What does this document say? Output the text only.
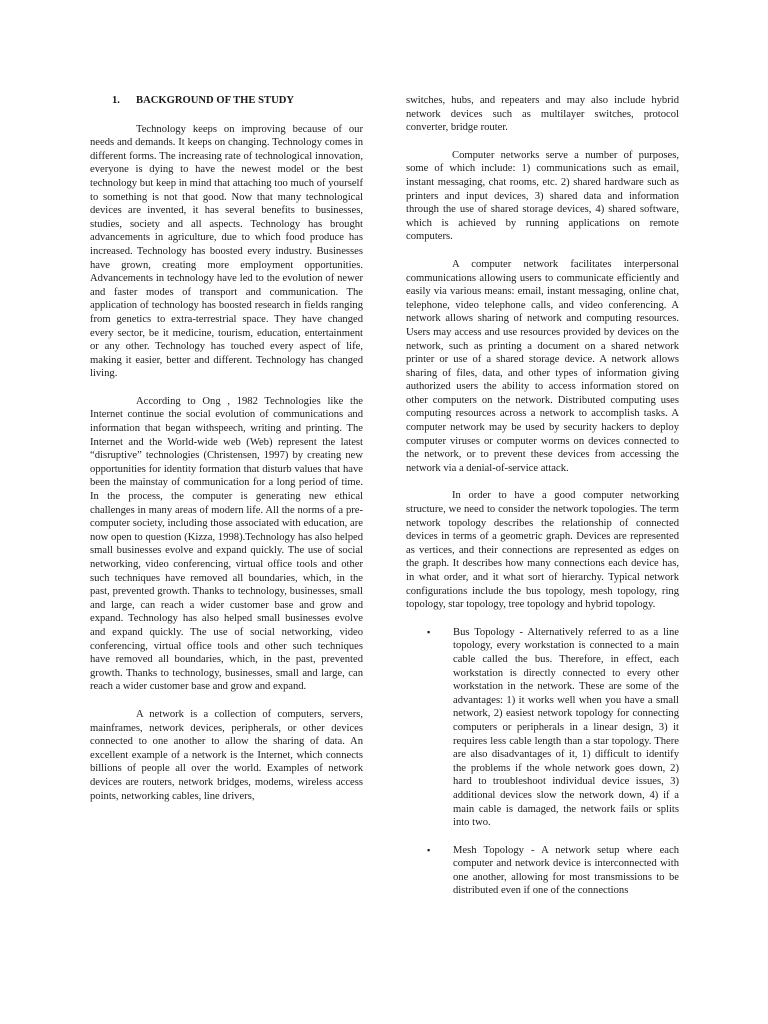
1. BACKGROUND OF THE STUDY

Technology keeps on improving because of our needs and demands. It keeps on changing. Technology comes in different forms. The increasing rate of technological innovation, everyone is dying to have the newest model or the best technology but keep in mind that attaching too much of yourself to something is not that good. Now that many technological devices are invented, it has several benefits to businesses, studies, society and all aspects. Technology has brought advancements in agriculture, due to which food produce has increased. Technology has boosted every industry. Businesses have grown, creating more employment opportunities. Advancements in technology have led to the evolution of newer and faster modes of transport and communication. The application of technology has boosted research in fields ranging from genetics to extra-terrestrial space. They have changed every sector, be it medicine, tourism, education, entertainment or any other. Technology has touched every aspect of life, making it easier, better and different. Technology has changed living.

According to Ong , 1982 Technologies like the Internet continue the social evolution of communications and information that began withspeech, writing and printing. The Internet and the World-wide web (Web) represent the latest “disruptive” technologies (Christensen, 1997) by creating new opportunities for identity formation that disturb values that have been the mainstay of communication for a long period of time. In the process, the computer is generating new ethical challenges in many areas of modern life. All the norms of a pre-computer society, including those associated with education, are now open to question (Kizza, 1998).Technology has also helped small businesses evolve and expand quickly. The use of social networking, video conferencing, virtual office tools and other such techniques have removed all boundaries, which, in the past, prevented growth. Thanks to technology, businesses, small and large, can reach a wider customer base and grow and expand. Technology has also helped small businesses evolve and expand quickly. The use of social networking, video conferencing, virtual office tools and other such techniques have removed all boundaries, which, in the past, prevented growth. Thanks to technology, businesses, small and large, can reach a wider customer base and grow and expand.

A network is a collection of computers, servers, mainframes, network devices, peripherals, or other devices connected to one another to allow the sharing of data. An excellent example of a network is the Internet, which connects billions of people all over the world. Examples of network devices are routers, network bridges, modems, wireless access points, networking cables, line drivers,

switches, hubs, and repeaters and may also include hybrid network devices such as multilayer switches, protocol converter, bridge router.

Computer networks serve a number of purposes, some of which include: 1) communications such as email, instant messaging, chat rooms, etc. 2) shared hardware such as printers and input devices, 3) shared data and information through the use of shared storage devices, 4) shared software, which is achieved by running applications on remote computers.

A computer network facilitates interpersonal communications allowing users to communicate efficiently and easily via various means: email, instant messaging, online chat, telephone, video telephone calls, and video conferencing. A network allows sharing of network and computing resources. Users may access and use resources provided by devices on the network, such as printing a document on a shared network printer or use of a shared storage device. A network allows sharing of files, data, and other types of information giving authorized users the ability to access information stored on other computers on the network. Distributed computing uses computing resources across a network to accomplish tasks. A computer network may be used by security hackers to deploy computer viruses or computer worms on devices connected to the network, or to prevent these devices from accessing the network via a denial-of-service attack.

In order to have a good computer networking structure, we need to consider the network topologies. The term network topology describes the relationship of connected devices in terms of a geometric graph. Devices are represented as vertices, and their connections are represented as edges on the graph. It describes how many connections each device has, in what order, and it what sort of hierarchy. Typical network configurations include the bus topology, mesh topology, ring topology, star topology, tree topology and hybrid topology.

▪ Bus Topology - Alternatively referred to as a line topology, every workstation is connected to a main cable called the bus. Therefore, in effect, each workstation is directly connected to every other workstation in the network. These are some of the advantages: 1) it works well when you have a small network, 2) easiest network topology for connecting computers or peripherals in a linear design, 3) it requires less cable length than a star topology. There are also disadvantages of it, 1) difficult to identify the problems if the whole network goes down, 2) hard to troubleshoot individual device issues, 3) additional devices slow the network down, 4) if a main cable is damaged, the network fails or splits into two.
▪ Mesh Topology - A network setup where each computer and network device is interconnected with one another, allowing for most transmissions to be distributed even if one of the connections
